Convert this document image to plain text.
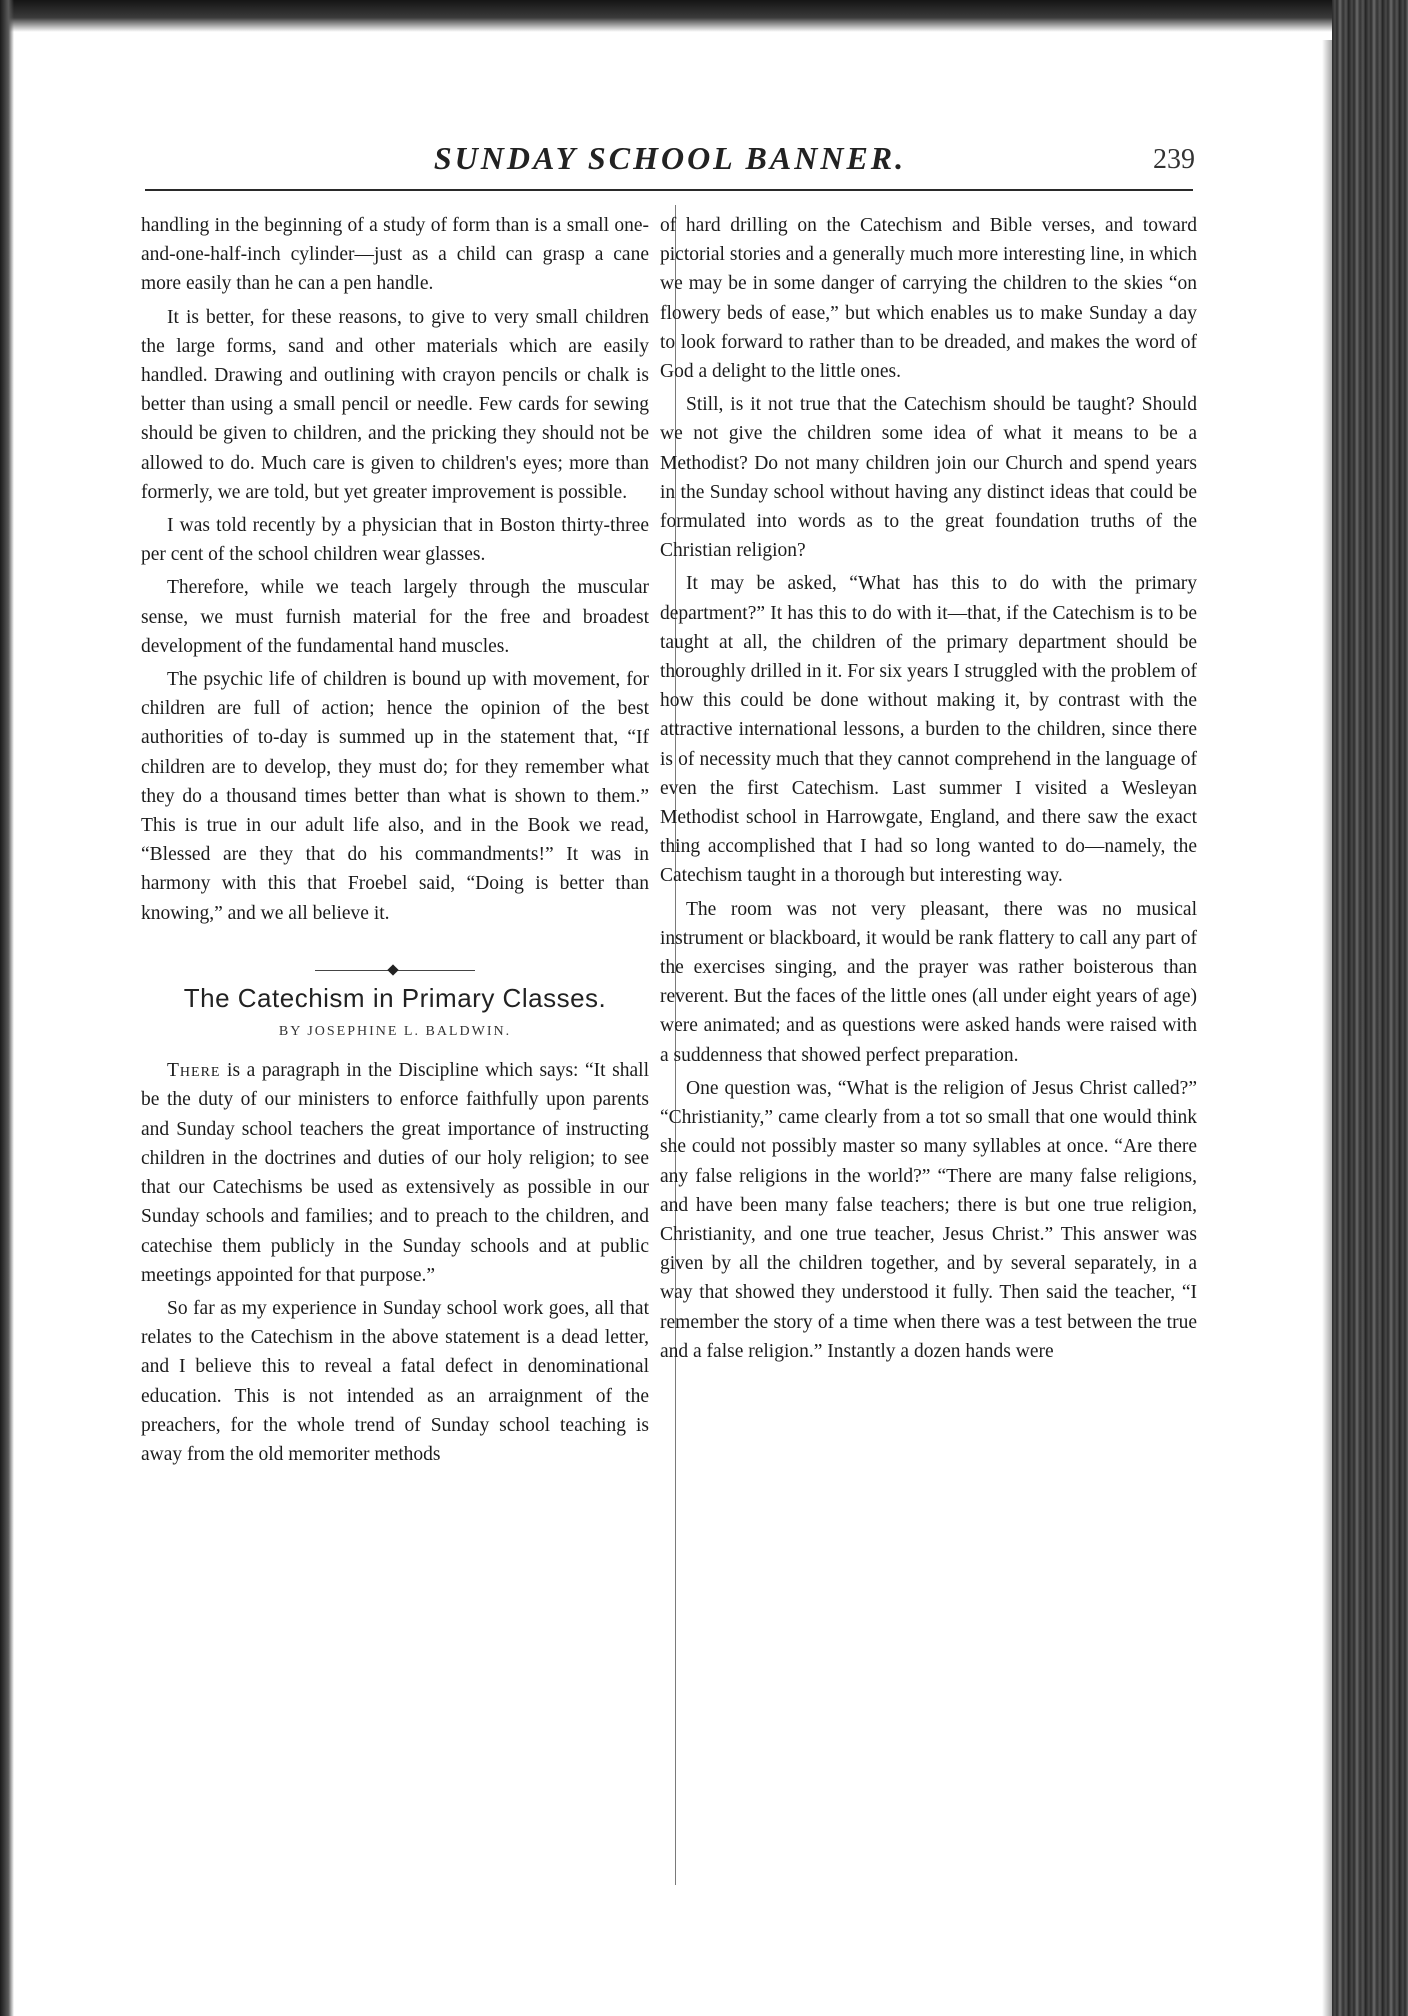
SUNDAY SCHOOL BANNER.	239

handling in the beginning of a study of form than is a small one-and-one-half-inch cylinder—just as a child can grasp a cane more easily than he can a pen handle.

It is better, for these reasons, to give to very small children the large forms, sand and other materials which are easily handled. Drawing and outlining with crayon pencils or chalk is better than using a small pencil or needle. Few cards for sewing should be given to children, and the pricking they should not be allowed to do. Much care is given to children's eyes; more than formerly, we are told, but yet greater improvement is possible.

I was told recently by a physician that in Boston thirty-three per cent of the school children wear glasses.

Therefore, while we teach largely through the muscular sense, we must furnish material for the free and broadest development of the fundamental hand muscles.

The psychic life of children is bound up with movement, for children are full of action; hence the opinion of the best authorities of to-day is summed up in the statement that, “If children are to develop, they must do; for they remember what they do a thousand times better than what is shown to them.” This is true in our adult life also, and in the Book we read, “Blessed are they that do his commandments!” It was in harmony with this that Froebel said, “Doing is better than knowing,” and we all believe it.

The Catechism in Primary Classes.
BY JOSEPHINE L. BALDWIN.

There is a paragraph in the Discipline which says: “It shall be the duty of our ministers to enforce faithfully upon parents and Sunday school teachers the great importance of instructing children in the doctrines and duties of our holy religion; to see that our Catechisms be used as extensively as possible in our Sunday schools and families; and to preach to the children, and catechise them publicly in the Sunday schools and at public meetings appointed for that purpose.”

So far as my experience in Sunday school work goes, all that relates to the Catechism in the above statement is a dead letter, and I believe this to reveal a fatal defect in denominational education. This is not intended as an arraignment of the preachers, for the whole trend of Sunday school teaching is away from the old memoriter methods

of hard drilling on the Catechism and Bible verses, and toward pictorial stories and a generally much more interesting line, in which we may be in some danger of carrying the children to the skies “on flowery beds of ease,” but which enables us to make Sunday a day to look forward to rather than to be dreaded, and makes the word of God a delight to the little ones.

Still, is it not true that the Catechism should be taught? Should we not give the children some idea of what it means to be a Methodist? Do not many children join our Church and spend years in the Sunday school without having any distinct ideas that could be formulated into words as to the great foundation truths of the Christian religion?

It may be asked, “What has this to do with the primary department?” It has this to do with it—that, if the Catechism is to be taught at all, the children of the primary department should be thoroughly drilled in it. For six years I struggled with the problem of how this could be done without making it, by contrast with the attractive international lessons, a burden to the children, since there is of necessity much that they cannot comprehend in the language of even the first Catechism. Last summer I visited a Wesleyan Methodist school in Harrowgate, England, and there saw the exact thing accomplished that I had so long wanted to do—namely, the Catechism taught in a thorough but interesting way.

The room was not very pleasant, there was no musical instrument or blackboard, it would be rank flattery to call any part of the exercises singing, and the prayer was rather boisterous than reverent. But the faces of the little ones (all under eight years of age) were animated; and as questions were asked hands were raised with a suddenness that showed perfect preparation.

One question was, “What is the religion of Jesus Christ called?” “Christianity,” came clearly from a tot so small that one would think she could not possibly master so many syllables at once. “Are there any false religions in the world?” “There are many false religions, and have been many false teachers; there is but one true religion, Christianity, and one true teacher, Jesus Christ.” This answer was given by all the children together, and by several separately, in a way that showed they understood it fully. Then said the teacher, “I remember the story of a time when there was a test between the true and a false religion.” Instantly a dozen hands were
